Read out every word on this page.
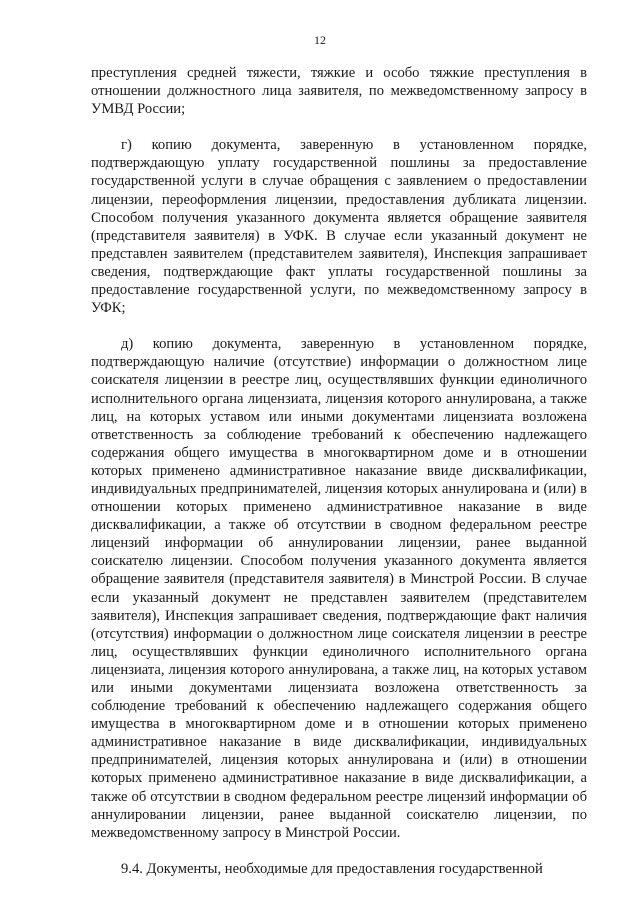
12

преступления средней тяжести, тяжкие и особо тяжкие преступления в отношении должностного лица заявителя, по межведомственному запросу в УМВД России;

г) копию документа, заверенную в установленном порядке, подтверждающую уплату государственной пошлины за предоставление государственной услуги в случае обращения с заявлением о предоставлении лицензии, переоформления лицензии, предоставления дубликата лицензии. Способом получения указанного документа является обращение заявителя (представителя заявителя) в УФК. В случае если указанный документ не представлен заявителем (представителем заявителя), Инспекция запрашивает сведения, подтверждающие факт уплаты государственной пошлины за предоставление государственной услуги, по межведомственному запросу в УФК;

д) копию документа, заверенную в установленном порядке, подтверждающую наличие (отсутствие) информации о должностном лице соискателя лицензии в реестре лиц, осуществлявших функции единоличного исполнительного органа лицензиата, лицензия которого аннулирована, а также лиц, на которых уставом или иными документами лицензиата возложена ответственность за соблюдение требований к обеспечению надлежащего содержания общего имущества в многоквартирном доме и в отношении которых применено административное наказание ввиде дисквалификации, индивидуальных предпринимателей, лицензия которых аннулирована и (или) в отношении которых применено административное наказание в виде дисквалификации, а также об отсутствии в сводном федеральном реестре лицензий информации об аннулировании лицензии, ранее выданной соискателю лицензии. Способом получения указанного документа является обращение заявителя (представителя заявителя) в Минстрой России. В случае если указанный документ не представлен заявителем (представителем заявителя), Инспекция запрашивает сведения, подтверждающие факт наличия (отсутствия) информации о должностном лице соискателя лицензии в реестре лиц, осуществлявших функции единоличного исполнительного органа лицензиата, лицензия которого аннулирована, а также лиц, на которых уставом или иными документами лицензиата возложена ответственность за соблюдение требований к обеспечению надлежащего содержания общего имущества в многоквартирном доме и в отношении которых применено административное наказание в виде дисквалификации, индивидуальных предпринимателей, лицензия которых аннулирована и (или) в отношении которых применено административное наказание в виде дисквалификации, а также об отсутствии в сводном федеральном реестре лицензий информации об аннулировании лицензии, ранее выданной соискателю лицензии, по межведомственному запросу в Минстрой России.

9.4. Документы, необходимые для предоставления государственной
